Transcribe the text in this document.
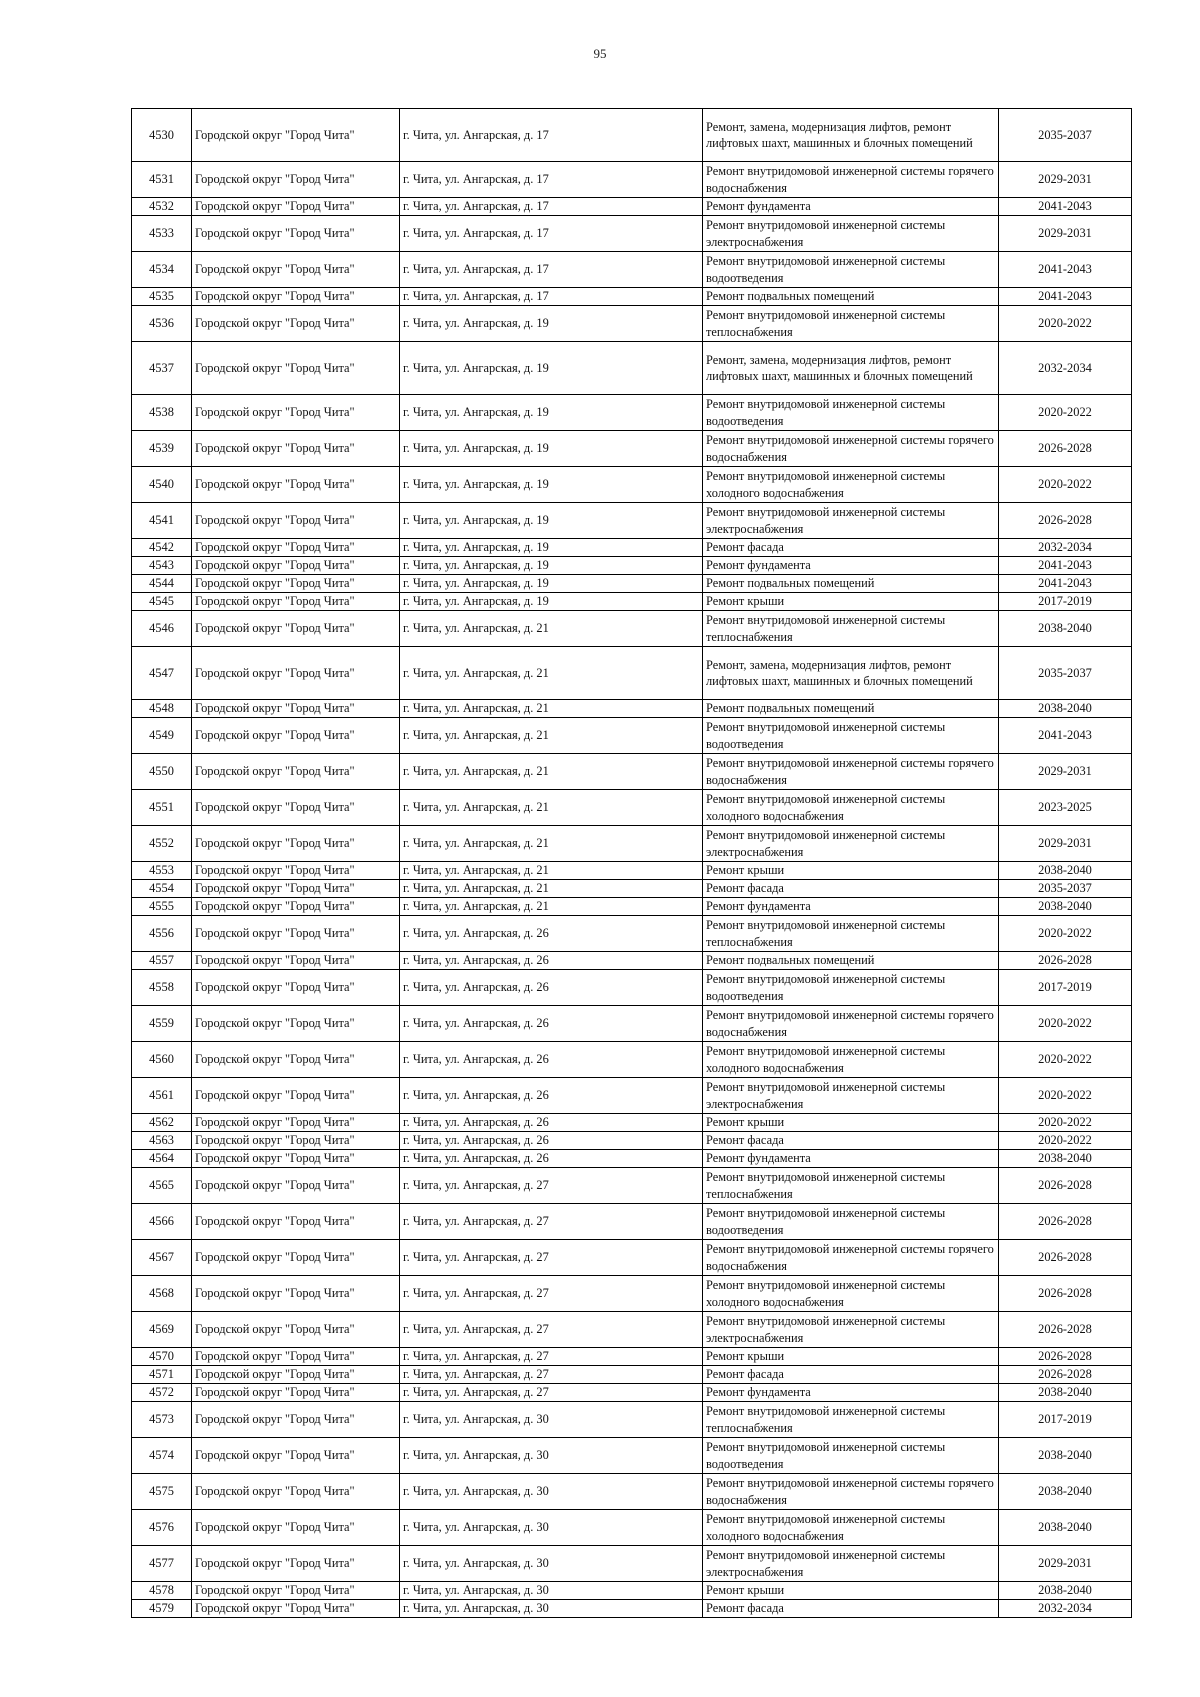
95
4530	Городской округ "Город Чита"	г. Чита, ул. Ангарская, д. 17	Ремонт, замена, модернизация лифтов, ремонт лифтовых шахт, машинных и блочных помещений	2035-2037
4531	Городской округ "Город Чита"	г. Чита, ул. Ангарская, д. 17	Ремонт внутридомовой инженерной системы горячего водоснабжения	2029-2031
4532	Городской округ "Город Чита"	г. Чита, ул. Ангарская, д. 17	Ремонт фундамента	2041-2043
4533	Городской округ "Город Чита"	г. Чита, ул. Ангарская, д. 17	Ремонт внутридомовой инженерной системы электроснабжения	2029-2031
4534	Городской округ "Город Чита"	г. Чита, ул. Ангарская, д. 17	Ремонт внутридомовой инженерной системы водоотведения	2041-2043
4535	Городской округ "Город Чита"	г. Чита, ул. Ангарская, д. 17	Ремонт подвальных помещений	2041-2043
4536	Городской округ "Город Чита"	г. Чита, ул. Ангарская, д. 19	Ремонт внутридомовой инженерной системы теплоснабжения	2020-2022
4537	Городской округ "Город Чита"	г. Чита, ул. Ангарская, д. 19	Ремонт, замена, модернизация лифтов, ремонт лифтовых шахт, машинных и блочных помещений	2032-2034
4538	Городской округ "Город Чита"	г. Чита, ул. Ангарская, д. 19	Ремонт внутридомовой инженерной системы водоотведения	2020-2022
4539	Городской округ "Город Чита"	г. Чита, ул. Ангарская, д. 19	Ремонт внутридомовой инженерной системы горячего водоснабжения	2026-2028
4540	Городской округ "Город Чита"	г. Чита, ул. Ангарская, д. 19	Ремонт внутридомовой инженерной системы холодного водоснабжения	2020-2022
4541	Городской округ "Город Чита"	г. Чита, ул. Ангарская, д. 19	Ремонт внутридомовой инженерной системы электроснабжения	2026-2028
4542	Городской округ "Город Чита"	г. Чита, ул. Ангарская, д. 19	Ремонт фасада	2032-2034
4543	Городской округ "Город Чита"	г. Чита, ул. Ангарская, д. 19	Ремонт фундамента	2041-2043
4544	Городской округ "Город Чита"	г. Чита, ул. Ангарская, д. 19	Ремонт подвальных помещений	2041-2043
4545	Городской округ "Город Чита"	г. Чита, ул. Ангарская, д. 19	Ремонт крыши	2017-2019
4546	Городской округ "Город Чита"	г. Чита, ул. Ангарская, д. 21	Ремонт внутридомовой инженерной системы теплоснабжения	2038-2040
4547	Городской округ "Город Чита"	г. Чита, ул. Ангарская, д. 21	Ремонт, замена, модернизация лифтов, ремонт лифтовых шахт, машинных и блочных помещений	2035-2037
4548	Городской округ "Город Чита"	г. Чита, ул. Ангарская, д. 21	Ремонт подвальных помещений	2038-2040
4549	Городской округ "Город Чита"	г. Чита, ул. Ангарская, д. 21	Ремонт внутридомовой инженерной системы водоотведения	2041-2043
4550	Городской округ "Город Чита"	г. Чита, ул. Ангарская, д. 21	Ремонт внутридомовой инженерной системы горячего водоснабжения	2029-2031
4551	Городской округ "Город Чита"	г. Чита, ул. Ангарская, д. 21	Ремонт внутридомовой инженерной системы холодного водоснабжения	2023-2025
4552	Городской округ "Город Чита"	г. Чита, ул. Ангарская, д. 21	Ремонт внутридомовой инженерной системы электроснабжения	2029-2031
4553	Городской округ "Город Чита"	г. Чита, ул. Ангарская, д. 21	Ремонт крыши	2038-2040
4554	Городской округ "Город Чита"	г. Чита, ул. Ангарская, д. 21	Ремонт фасада	2035-2037
4555	Городской округ "Город Чита"	г. Чита, ул. Ангарская, д. 21	Ремонт фундамента	2038-2040
4556	Городской округ "Город Чита"	г. Чита, ул. Ангарская, д. 26	Ремонт внутридомовой инженерной системы теплоснабжения	2020-2022
4557	Городской округ "Город Чита"	г. Чита, ул. Ангарская, д. 26	Ремонт подвальных помещений	2026-2028
4558	Городской округ "Город Чита"	г. Чита, ул. Ангарская, д. 26	Ремонт внутридомовой инженерной системы водоотведения	2017-2019
4559	Городской округ "Город Чита"	г. Чита, ул. Ангарская, д. 26	Ремонт внутридомовой инженерной системы горячего водоснабжения	2020-2022
4560	Городской округ "Город Чита"	г. Чита, ул. Ангарская, д. 26	Ремонт внутридомовой инженерной системы холодного водоснабжения	2020-2022
4561	Городской округ "Город Чита"	г. Чита, ул. Ангарская, д. 26	Ремонт внутридомовой инженерной системы электроснабжения	2020-2022
4562	Городской округ "Город Чита"	г. Чита, ул. Ангарская, д. 26	Ремонт крыши	2020-2022
4563	Городской округ "Город Чита"	г. Чита, ул. Ангарская, д. 26	Ремонт фасада	2020-2022
4564	Городской округ "Город Чита"	г. Чита, ул. Ангарская, д. 26	Ремонт фундамента	2038-2040
4565	Городской округ "Город Чита"	г. Чита, ул. Ангарская, д. 27	Ремонт внутридомовой инженерной системы теплоснабжения	2026-2028
4566	Городской округ "Город Чита"	г. Чита, ул. Ангарская, д. 27	Ремонт внутридомовой инженерной системы водоотведения	2026-2028
4567	Городской округ "Город Чита"	г. Чита, ул. Ангарская, д. 27	Ремонт внутридомовой инженерной системы горячего водоснабжения	2026-2028
4568	Городской округ "Город Чита"	г. Чита, ул. Ангарская, д. 27	Ремонт внутридомовой инженерной системы холодного водоснабжения	2026-2028
4569	Городской округ "Город Чита"	г. Чита, ул. Ангарская, д. 27	Ремонт внутридомовой инженерной системы электроснабжения	2026-2028
4570	Городской округ "Город Чита"	г. Чита, ул. Ангарская, д. 27	Ремонт крыши	2026-2028
4571	Городской округ "Город Чита"	г. Чита, ул. Ангарская, д. 27	Ремонт фасада	2026-2028
4572	Городской округ "Город Чита"	г. Чита, ул. Ангарская, д. 27	Ремонт фундамента	2038-2040
4573	Городской округ "Город Чита"	г. Чита, ул. Ангарская, д. 30	Ремонт внутридомовой инженерной системы теплоснабжения	2017-2019
4574	Городской округ "Город Чита"	г. Чита, ул. Ангарская, д. 30	Ремонт внутридомовой инженерной системы водоотведения	2038-2040
4575	Городской округ "Город Чита"	г. Чита, ул. Ангарская, д. 30	Ремонт внутридомовой инженерной системы горячего водоснабжения	2038-2040
4576	Городской округ "Город Чита"	г. Чита, ул. Ангарская, д. 30	Ремонт внутридомовой инженерной системы холодного водоснабжения	2038-2040
4577	Городской округ "Город Чита"	г. Чита, ул. Ангарская, д. 30	Ремонт внутридомовой инженерной системы электроснабжения	2029-2031
4578	Городской округ "Город Чита"	г. Чита, ул. Ангарская, д. 30	Ремонт крыши	2038-2040
4579	Городской округ "Город Чита"	г. Чита, ул. Ангарская, д. 30	Ремонт фасада	2032-2034
